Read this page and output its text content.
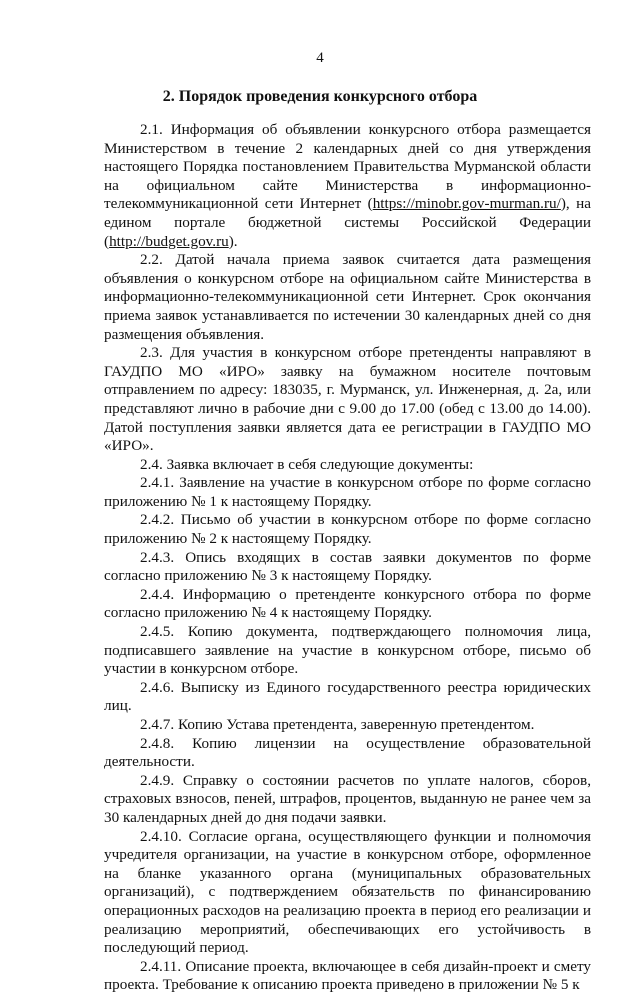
4
2. Порядок проведения конкурсного отбора

2.1. Информация об объявлении конкурсного отбора размещается Министерством в течение 2 календарных дней со дня утверждения настоящего Порядка постановлением Правительства Мурманской области на официальном сайте Министерства в информационно-телекоммуникационной сети Интернет (https://minobr.gov-murman.ru/), на едином портале бюджетной системы Российской Федерации (http://budget.gov.ru).

2.2. Датой начала приема заявок считается дата размещения объявления о конкурсном отборе на официальном сайте Министерства в информационно-телекоммуникационной сети Интернет. Срок окончания приема заявок устанавливается по истечении 30 календарных дней со дня размещения объявления.

2.3. Для участия в конкурсном отборе претенденты направляют в ГАУДПО МО «ИРО» заявку на бумажном носителе почтовым отправлением по адресу: 183035, г. Мурманск, ул. Инженерная, д. 2а, или представляют лично в рабочие дни с 9.00 до 17.00 (обед с 13.00 до 14.00). Датой поступления заявки является дата ее регистрации в ГАУДПО МО «ИРО».

2.4. Заявка включает в себя следующие документы:

2.4.1. Заявление на участие в конкурсном отборе по форме согласно приложению № 1 к настоящему Порядку.

2.4.2. Письмо об участии в конкурсном отборе по форме согласно приложению № 2 к настоящему Порядку.

2.4.3. Опись входящих в состав заявки документов по форме согласно приложению № 3 к настоящему Порядку.

2.4.4. Информацию о претенденте конкурсного отбора по форме согласно приложению № 4 к настоящему Порядку.

2.4.5. Копию документа, подтверждающего полномочия лица, подписавшего заявление на участие в конкурсном отборе, письмо об участии в конкурсном отборе.

2.4.6. Выписку из Единого государственного реестра юридических лиц.

2.4.7. Копию Устава претендента, заверенную претендентом.

2.4.8. Копию лицензии на осуществление образовательной деятельности.

2.4.9. Справку о состоянии расчетов по уплате налогов, сборов, страховых взносов, пеней, штрафов, процентов, выданную не ранее чем за 30 календарных дней до дня подачи заявки.

2.4.10. Согласие органа, осуществляющего функции и полномочия учредителя организации, на участие в конкурсном отборе, оформленное на бланке указанного органа (муниципальных образовательных организаций), с подтверждением обязательств по финансированию операционных расходов на реализацию проекта в период его реализации и реализацию мероприятий, обеспечивающих его устойчивость в последующий период.

2.4.11. Описание проекта, включающее в себя дизайн-проект и смету проекта. Требование к описанию проекта приведено в приложении № 5 к
